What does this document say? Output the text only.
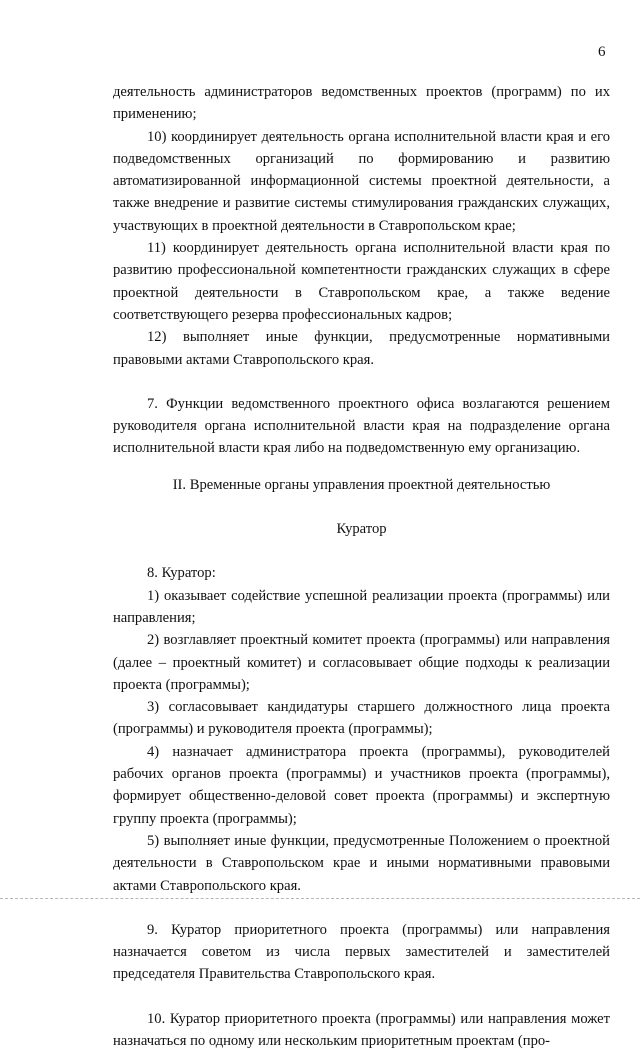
6

деятельность администраторов ведомственных проектов (программ) по их применению;

10) координирует деятельность органа исполнительной власти края и его подведомственных организаций по формированию и развитию автоматизированной информационной системы проектной деятельности, а также внедрение и развитие системы стимулирования гражданских служащих, участвующих в проектной деятельности в Ставропольском крае;

11) координирует деятельность органа исполнительной власти края по развитию профессиональной компетентности гражданских служащих в сфере проектной деятельности в Ставропольском крае, а также ведение соответствующего резерва профессиональных кадров;

12) выполняет иные функции, предусмотренные нормативными правовыми актами Ставропольского края.

7. Функции ведомственного проектного офиса возлагаются решением руководителя органа исполнительной власти края на подразделение органа исполнительной власти края либо на подведомственную ему организацию.

II. Временные органы управления проектной деятельностью

Куратор

8. Куратор:

1) оказывает содействие успешной реализации проекта (программы) или направления;

2) возглавляет проектный комитет проекта (программы) или направления (далее – проектный комитет) и согласовывает общие подходы к реализации проекта (программы);

3) согласовывает кандидатуры старшего должностного лица проекта (программы) и руководителя проекта (программы);

4) назначает администратора проекта (программы), руководителей рабочих органов проекта (программы) и участников проекта (программы), формирует общественно-деловой совет проекта (программы) и экспертную группу проекта (программы);

5) выполняет иные функции, предусмотренные Положением о проектной деятельности в Ставропольском крае и иными нормативными правовыми актами Ставропольского края.

9. Куратор приоритетного проекта (программы) или направления назначается советом из числа первых заместителей и заместителей председателя Правительства Ставропольского края.

10. Куратор приоритетного проекта (программы) или направления может назначаться по одному или нескольким приоритетным проектам (про-
